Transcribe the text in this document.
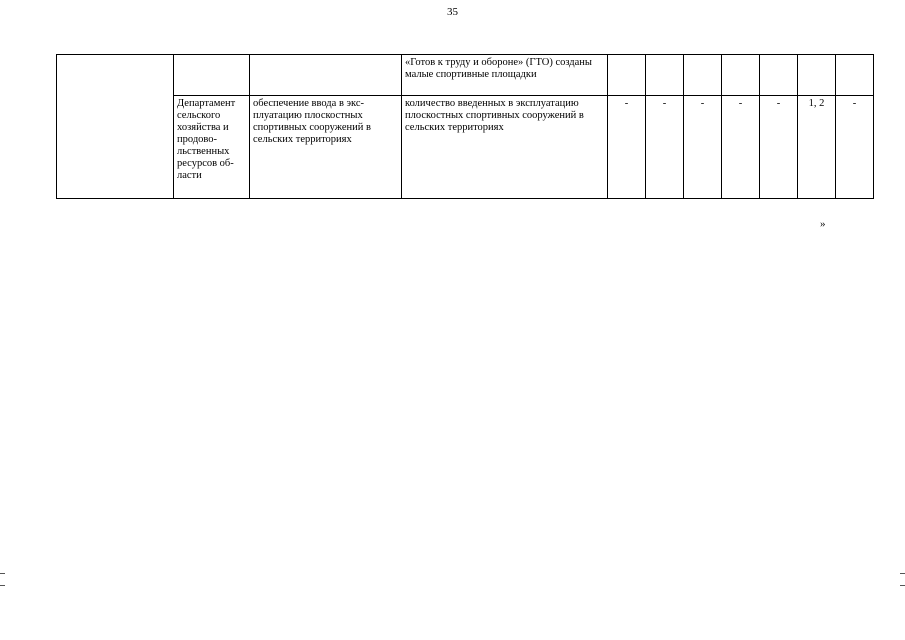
35
			«Готов к труду и обороне» (ГТО) созданы малые спортивные площадки							
	Департамент сельского хозяйства и продово-льственных ресурсов об-ласти	обеспечение ввода в экс-плуатацию плоскостных спортивных сооружений в сельских территориях	количество введенных в эксплуатацию плоскостных спортивных сооружений в сельских территориях	-	-	-	-	-	1, 2	-
»
